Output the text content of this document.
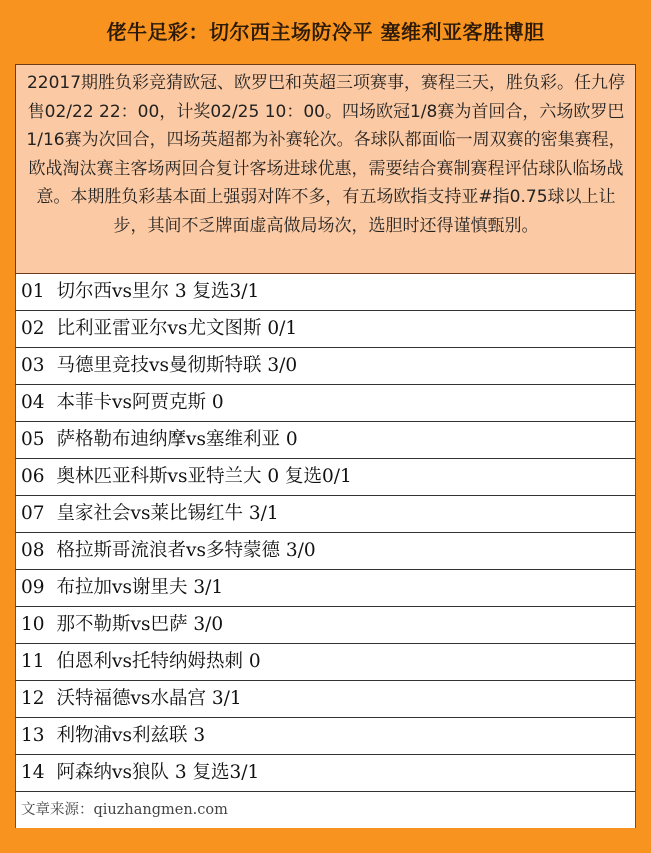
佬牛足彩：切尔西主场防冷平 塞维利亚客胜博胆
22017期胜负彩竞猜欧冠、欧罗巴和英超三项赛事，赛程三天，胜负彩。任九停售02/22 22：00，计奖02/25 10：00。四场欧冠1/8赛为首回合，六场欧罗巴1/16赛为次回合，四场英超都为补赛轮次。各球队都面临一周双赛的密集赛程，欧战淘汰赛主客场两回合复计客场进球优惠，需要结合赛制赛程评估球队临场战意。本期胜负彩基本面上强弱对阵不多，有五场欧指支持亚#指0.75球以上让步，其间不乏牌面虚高做局场次，选胆时还得谨慎甄别。
01 切尔西vs里尔 3 复选3/1
02 比利亚雷亚尔vs尤文图斯 0/1
03 马德里竞技vs曼彻斯特联 3/0
04 本菲卡vs阿贾克斯 0
05 萨格勒布迪纳摩vs塞维利亚 0
06 奥林匹亚科斯vs亚特兰大 0 复选0/1
07 皇家社会vs莱比锡红牛 3/1
08 格拉斯哥流浪者vs多特蒙德 3/0
09 布拉加vs谢里夫 3/1
10 那不勒斯vs巴萨 3/0
11 伯恩利vs托特纳姆热刺 0
12 沃特福德vs水晶宫 3/1
13 利物浦vs利兹联 3
14 阿森纳vs狼队 3 复选3/1
文章来源：qiuzhangmen.com
